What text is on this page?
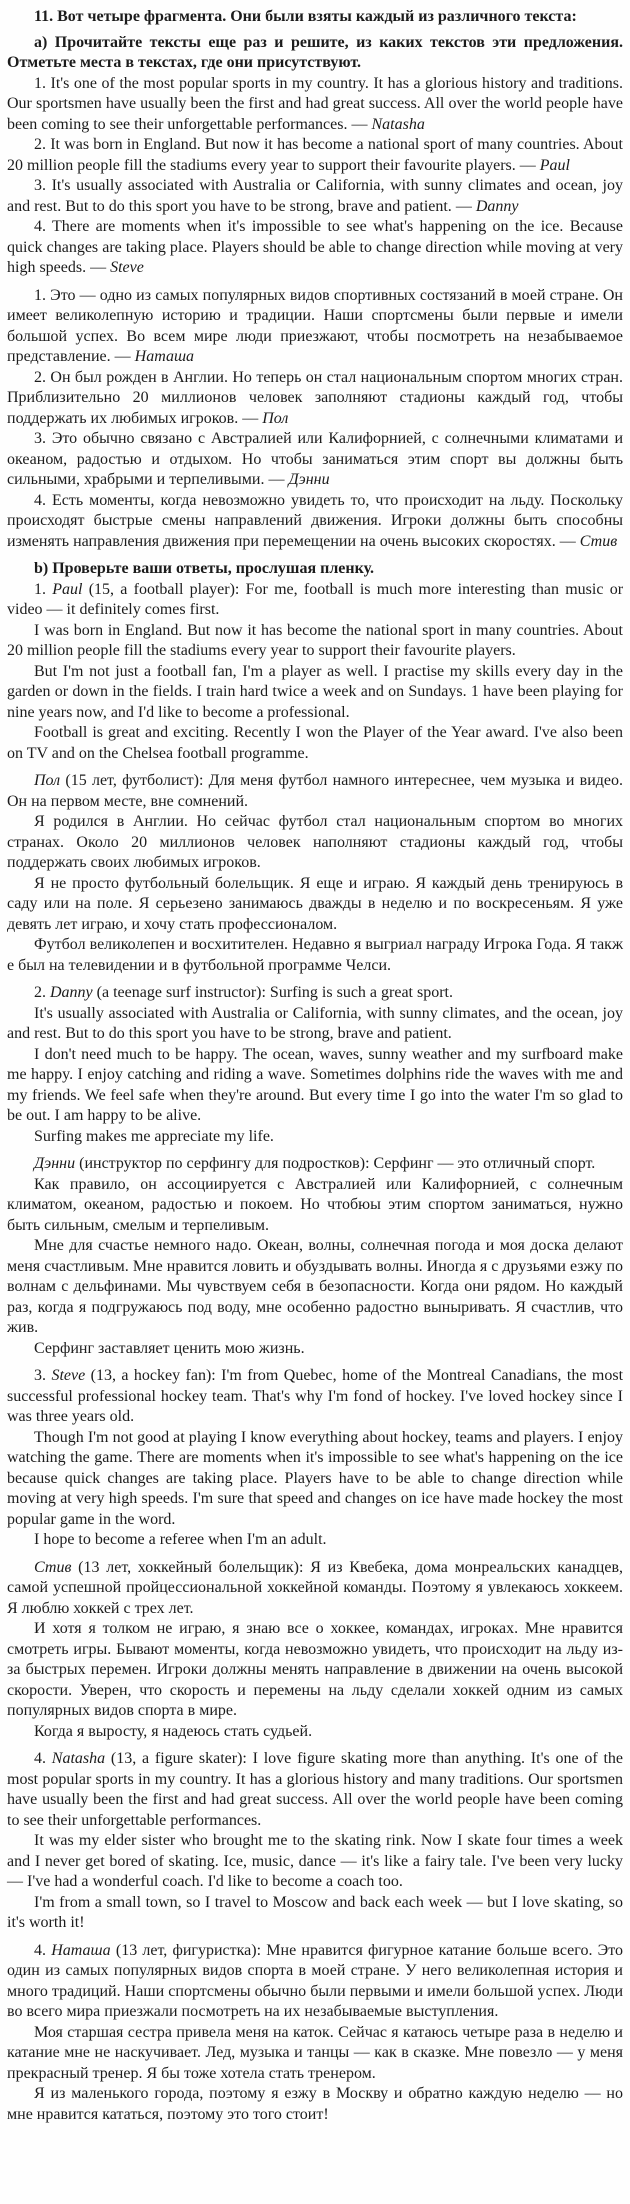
11. Вот четыре фрагмента. Они были взяты каждый из различного текста:

а) Прочитайте тексты еще раз и решите, из каких текстов эти предложения. Отметьте места в текстах, где они присутствуют.

1. It's one of the most popular sports in my country. It has a glorious history and traditions. Our sportsmen have usually been the first and had great success. All over the world people have been coming to see their unforgettable performances. — Natasha

2. It was born in England. But now it has become a national sport of many countries. About 20 million people fill the stadiums every year to support their favourite players. — Paul

3. It's usually associated with Australia or California, with sunny climates and ocean, joy and rest. But to do this sport you have to be strong, brave and patient. — Danny

4. There are moments when it's impossible to see what's happening on the ice. Because quick changes are taking place. Players should be able to change direction while moving at very high speeds. — Steve

1. Это — одно из самых популярных видов спортивных состязаний в моей стране. Он имеет великолепную историю и традиции. Наши спортсмены были первые и имели большой успех. Во всем мире люди приезжают, чтобы посмотреть на незабываемое представление. — Наташа

2. Он был рожден в Англии. Но теперь он стал национальным спортом многих стран. Приблизительно 20 миллионов человек заполняют стадионы каждый год, чтобы поддержать их любимых игроков. — Пол

3. Это обычно связано с Австралией или Калифорнией, с солнечными климатами и океаном, радостью и отдыхом. Но чтобы заниматься этим спорт вы должны быть сильными, храбрыми и терпеливыми. — Дэнни

4. Есть моменты, когда невозможно увидеть то, что происходит на льду. Поскольку происходят быстрые смены направлений движения. Игроки должны быть способны изменять направления движения при перемещении на очень высоких скоростях. — Стив

b) Проверьте ваши ответы, прослушая пленку.

1. Paul (15, a football player): For me, football is much more interesting than music or video — it definitely comes first.

I was born in England. But now it has become the national sport in many countries. About 20 million people fill the stadiums every year to support their favourite players.

But I'm not just a football fan, I'm a player as well. I practise my skills every day in the garden or down in the fields. I train hard twice a week and on Sundays. 1 have been playing for nine years now, and I'd like to become a professional.

Football is great and exciting. Recently I won the Player of the Year award. I've also been on TV and on the Chelsea football programme.

Пол (15 лет, футболист): Для меня футбол намного интереснее, чем музыка и видео. Он на первом месте, вне сомнений.

Я родился в Англии. Но сейчас футбол стал национальным спортом во многих странах. Около 20 миллионов человек наполняют стадионы каждый год, чтобы поддержать своих любимых игроков.

Я не просто футбольный болельщик. Я еще и играю. Я каждый день тренируюсь в саду или на поле. Я серьезено занимаюсь дважды в неделю и по воскресеньям. Я уже девять лет играю, и хочу стать профессионалом.

Футбол великолепен и восхитителен. Недавно я выгриал награду Игрока Года. Я такж е был на телевидении и в футбольной программе Челси.

2. Danny (a teenage surf instructor): Surfing is such a great sport.

It's usually associated with Australia or California, with sunny climates, and the ocean, joy and rest. But to do this sport you have to be strong, brave and patient.

I don't need much to be happy. The ocean, waves, sunny weather and my surfboard make me happy. I enjoy catching and riding a wave. Sometimes dolphins ride the waves with me and my friends. We feel safe when they're around. But every time I go into the water I'm so glad to be out. I am happy to be alive.

Surfing makes me appreciate my life.

Дэнни (инструктор по серфингу для подростков): Серфинг — это отличный спорт.

Как правило, он ассоциируется с Австралией или Калифорнией, с солнечным климатом, океаном, радостью и покоем. Но чтобюы этим спортом заниматься, нужно быть сильным, смелым и терпеливым.

Мне для счастье немного надо. Океан, волны, солнечная погода и моя доска делают меня счастливым. Мне нравится ловить и обуздывать волны. Иногда я с друзьями езжу по волнам с дельфинами. Мы чувствуем себя в безопасности. Когда они рядом. Но каждый раз, когда я подгружаюсь под воду, мне особенно радостно выныривать. Я счастлив, что жив.

Серфинг заставляет ценить мою жизнь.

3. Steve (13, a hockey fan): I'm from Quebec, home of the Montreal Canadians, the most successful professional hockey team. That's why I'm fond of hockey. I've loved hockey since I was three years old.

Though I'm not good at playing I know everything about hockey, teams and players. I enjoy watching the game. There are moments when it's impossible to see what's happening on the ice because quick changes are taking place. Players have to be able to change direction while moving at very high speeds. I'm sure that speed and changes on ice have made hockey the most popular game in the word.

I hope to become a referee when I'm an adult.

Стив (13 лет, хоккейный болельщик): Я из Квебека, дома монреальских канадцев, самой успешной пройцессиональной хоккейной команды. Поэтому я увлекаюсь хоккеем. Я люблю хоккей с трех лет.

И хотя я толком не играю, я знаю все о хоккее, командах, игроках. Мне нравится смотреть игры. Бывают моменты, когда невозможно увидеть, что происходит на льду из-за быстрых перемен. Игроки должны менять направление в движении на очень высокой скорости. Уверен, что скорость и перемены на льду сделали хоккей одним из самых популярных видов спорта в мире.

Когда я выросту, я надеюсь стать судьей.

4. Natasha (13, a figure skater): I love figure skating more than anything. It's one of the most popular sports in my country. It has a glorious history and many traditions. Our sportsmen have usually been the first and had great success. All over the world people have been coming to see their unforgettable performances.

It was my elder sister who brought me to the skating rink. Now I skate four times a week and I never get bored of skating. Ice, music, dance — it's like a fairy tale. I've been very lucky — I've had a wonderful coach. I'd like to become a coach too.

I'm from a small town, so I travel to Moscow and back each week — but I love skating, so it's worth it!

4. Наташа (13 лет, фигуристка): Мне нравится фигурное катание больше всего. Это один из самых популярных видов спорта в моей стране. У него великолепная история и много традиций. Наши спортсмены обычно были первыми и имели большой успех. Люди во всего мира приезжали посмотреть на их незабываемые выступления.

Моя старшая сестра привела меня на каток. Сейчас я катаюсь четыре раза в неделю и катание мне не наскучивает. Лед, музыка и танцы — как в сказке. Мне повезло — у меня прекрасный тренер. Я бы тоже хотела стать тренером.

Я из маленького города, поэтому я езжу в Москву и обратно каждую неделю — но мне нравится кататься, поэтому это того стоит!
